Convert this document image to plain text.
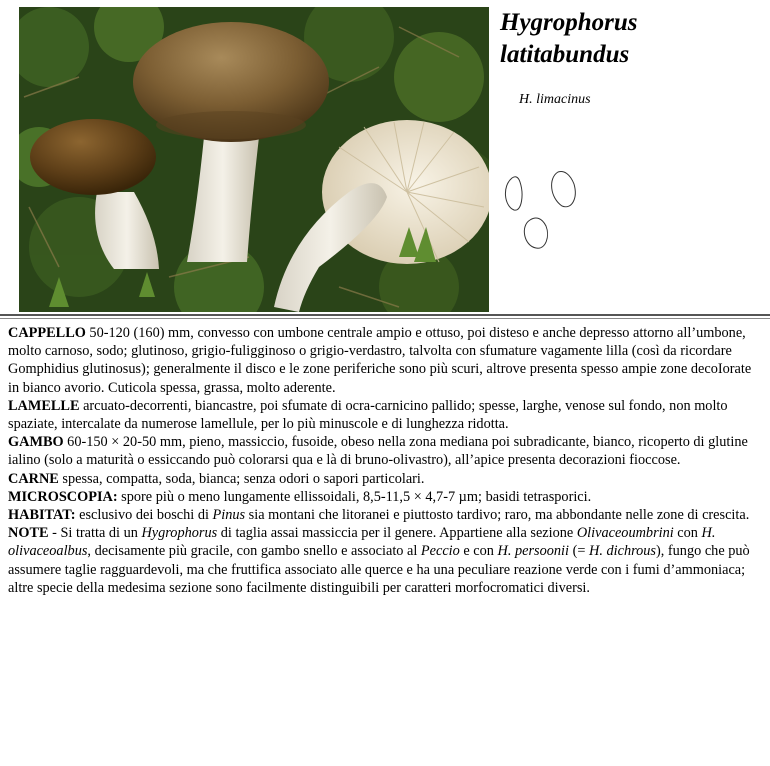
Hygrophorus
latitabundus
H. limacinus

CAPPELLO 50-120 (160) mm, convesso con umbone centrale ampio e ottuso, poi disteso e anche depresso attorno all’umbone, molto carnoso, sodo; glutinoso, grigio-fuligginoso o grigio-verdastro, talvolta con sfumature vagamente lilla (così da ricordare Gomphidius glutinosus); generalmente il disco e le zone periferiche sono più scuri, altrove presenta spesso ampie zone decoIorate in bianco avorio. Cuticola spessa, grassa, molto aderente.

LAMELLE arcuato-decorrenti, biancastre, poi sfumate di ocra-carnicino pallido; spesse, larghe, venose sul fondo, non molto spaziate, intercalate da numerose lamellule, per lo più minuscole e di lunghezza ridotta.

GAMBO 60-150 × 20-50 mm, pieno, massiccio, fusoide, obeso nella zona mediana poi subradicante, bianco, ricoperto di glutine ialino (solo a maturità o essiccando può colorarsi qua e là di bruno-olivastro), all’apice presenta decorazioni fioccose.

CARNE spessa, compatta, soda, bianca; senza odori o sapori particolari.

MICROSCOPIA: spore più o meno lungamente ellissoidali, 8,5-11,5 × 4,7-7 µm; basidi tetrasporici.

HABITAT: esclusivo dei boschi di Pinus sia montani che litoranei e piuttosto tardivo; raro, ma abbondante nelle zone di crescita.

NOTE - Si tratta di un Hygrophorus di taglia assai massiccia per il genere. Appartiene alla sezione Olivaceoumbrini con H. olivaceoalbus, decisamente più gracile, con gambo snello e associato al Peccio e con H. persoonii (= H. dichrous), fungo che può assumere taglie ragguardevoli, ma che fruttifica associato alle querce e ha una peculiare reazione verde con i fumi d’ammoniaca; altre specie della medesima sezione sono facilmente distinguibili per caratteri morfocromatici diversi.
